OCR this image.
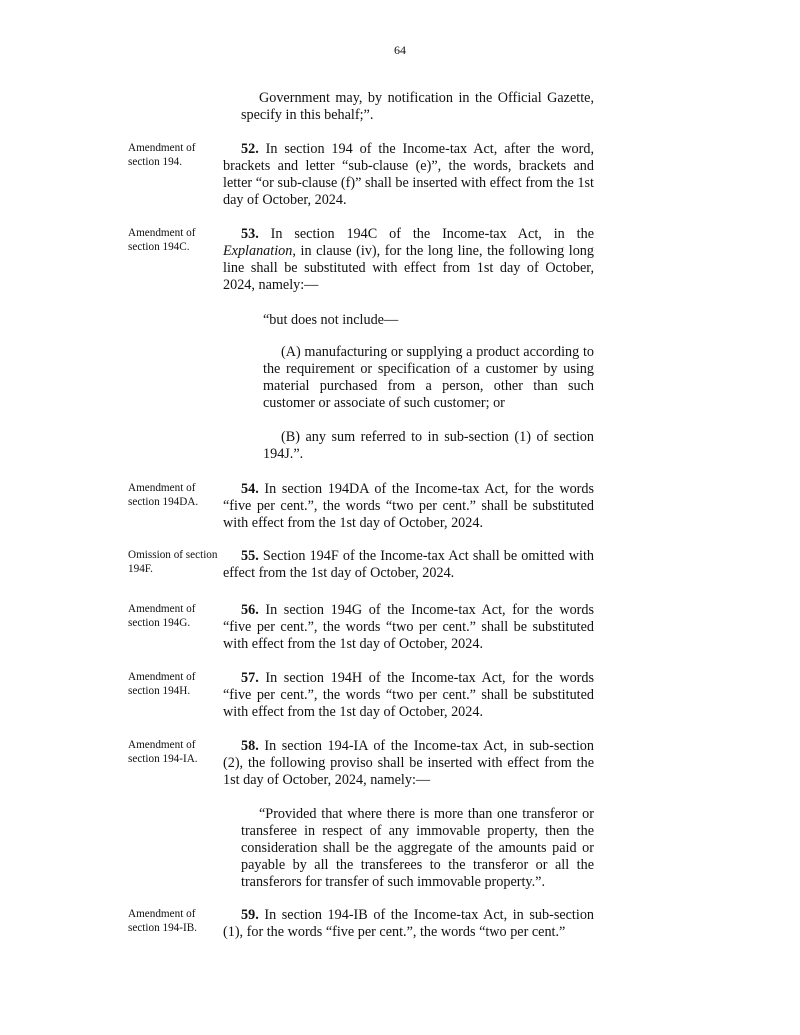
64
Government may, by notification in the Official Gazette, specify in this behalf;”.
Amendment of section 194.
52. In section 194 of the Income-tax Act, after the word, brackets and letter “sub-clause (e)”, the words, brackets and letter “or sub-clause (f)” shall be inserted with effect from the 1st day of October, 2024.
Amendment of section 194C.
53. In section 194C of the Income-tax Act, in the Explanation, in clause (iv), for the long line, the following long line shall be substituted with effect from 1st day of October, 2024, namely:—
“but does not include—
(A) manufacturing or supplying a product according to the requirement or specification of a customer by using material purchased from a person, other than such customer or associate of such customer; or
(B) any sum referred to in sub-section (1) of section 194J.”.
Amendment of section 194DA.
54. In section 194DA of the Income-tax Act, for the words “five per cent.”, the words “two per cent.” shall be substituted with effect from the 1st day of October, 2024.
Omission of section 194F.
55. Section 194F of the Income-tax Act shall be omitted with effect from the 1st day of October, 2024.
Amendment of section 194G.
56. In section 194G of the Income-tax Act, for the words “five per cent.”, the words “two per cent.” shall be substituted with effect from the 1st day of October, 2024.
Amendment of section 194H.
57. In section 194H of the Income-tax Act, for the words “five per cent.”, the words “two per cent.” shall be substituted with effect from the 1st day of October, 2024.
Amendment of section 194-IA.
58. In section 194-IA of the Income-tax Act, in sub-section (2), the following proviso shall be inserted with effect from the 1st day of October, 2024, namely:—
“Provided that where there is more than one transferor or transferee in respect of any immovable property, then the consideration shall be the aggregate of the amounts paid or payable by all the transferees to the transferor or all the transferors for transfer of such immovable property.”.
Amendment of section 194-IB.
59. In section 194-IB of the Income-tax Act, in sub-section (1), for the words “five per cent.”, the words “two per cent.”
